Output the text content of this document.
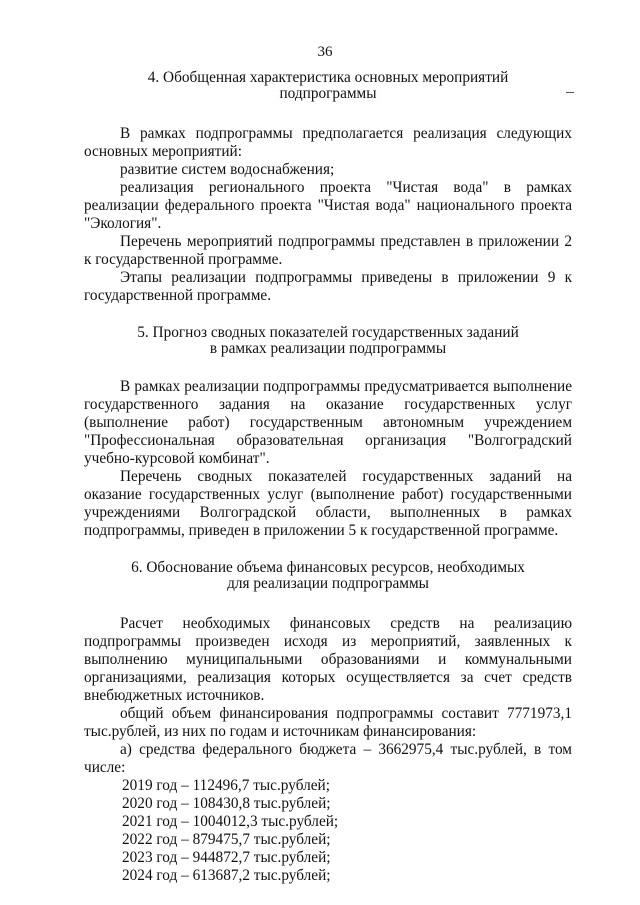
36
4. Обобщенная характеристика основных мероприятий
подпрограммы

В рамках подпрограммы предполагается реализация следующих основных мероприятий:

развитие систем водоснабжения;

реализация регионального проекта "Чистая вода" в рамках реализации федерального проекта "Чистая вода" национального проекта "Экология".

Перечень мероприятий подпрограммы представлен в приложении 2 к государственной программе.

Этапы реализации подпрограммы приведены в приложении 9 к государственной программе.

5. Прогноз сводных показателей государственных заданий
в рамках реализации подпрограммы

В рамках реализации подпрограммы предусматривается выполнение государственного задания на оказание государственных услуг (выполнение работ) государственным автономным учреждением "Профессиональная образовательная организация "Волгоградский учебно-курсовой комбинат".

Перечень сводных показателей государственных заданий на оказание государственных услуг (выполнение работ) государственными учреждениями Волгоградской области, выполненных в рамках подпрограммы, приведен в приложении 5 к государственной программе.

6. Обоснование объема финансовых ресурсов, необходимых
для реализации подпрограммы

Расчет необходимых финансовых средств на реализацию подпрограммы произведен исходя из мероприятий, заявленных к выполнению муниципальными образованиями и коммунальными организациями, реализация которых осуществляется за счет средств внебюджетных источников.

общий объем финансирования подпрограммы составит 7771973,1 тыс.рублей, из них по годам и источникам финансирования:

а) средства федерального бюджета – 3662975,4 тыс.рублей, в том числе:

2019 год – 112496,7 тыс.рублей;
2020 год – 108430,8 тыс.рублей;
2021 год – 1004012,3 тыс.рублей;
2022 год – 879475,7 тыс.рублей;
2023 год – 944872,7 тыс.рублей;
2024 год – 613687,2 тыс.рублей;
